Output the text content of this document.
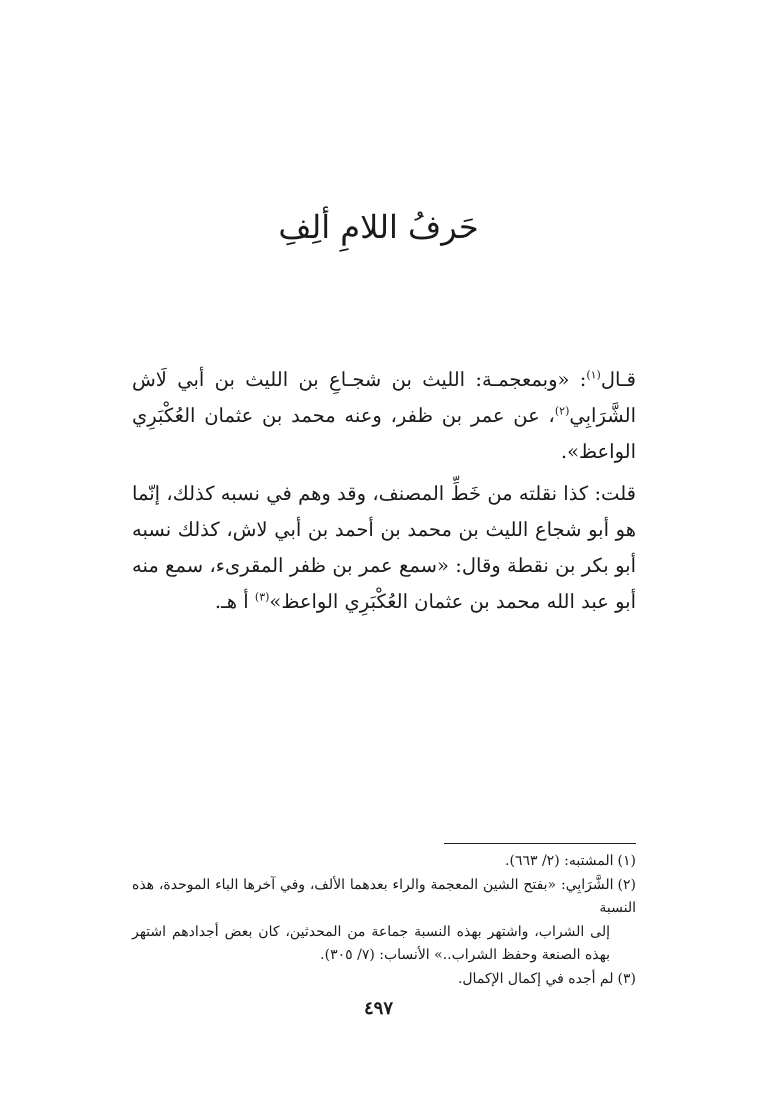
حَرفُ اللامِ ألِفِ

قـال$^{(١)}$: «وبمعجمـة: الليث بن شجـاعِ بن الليث بن أبي لَاش الشَّرَابِي$^{(٢)}$، عن عمر بن ظفر، وعنه محمد بن عثمان العُكْبَرِي الواعظ».

قلت: كذا نقلته من خَطِّ المصنف، وقد وهم في نسبه كذلك، إنّما هو أبو شجاع الليث بن محمد بن أحمد بن أبي لاش، كذلك نسبه أبو بكر بن نقطة وقال: «سمع عمر بن ظفر المقرىء، سمع منه أبو عبد الله محمد بن عثمان العُكْبَرِي الواعظ»$^{(٣)}$ أ هـ.

(١)المشتبه: (٢/ ٦٦٣).

(٢)الشَّرَابِي: «بفتح الشين المعجمة والراء بعدهما الألف، وفي آخرها الباء الموحدة، هذه النسبة
إلى الشراب، واشتهر بهذه النسبة جماعة من المحدثين، كان بعض أجدادهم اشتهر بهذه الصنعة وحفظ الشراب..» الأنساب: (٧/ ٣٠٥).

(٣)لم أجده في إكمال الإكمال.

٤٩٧
